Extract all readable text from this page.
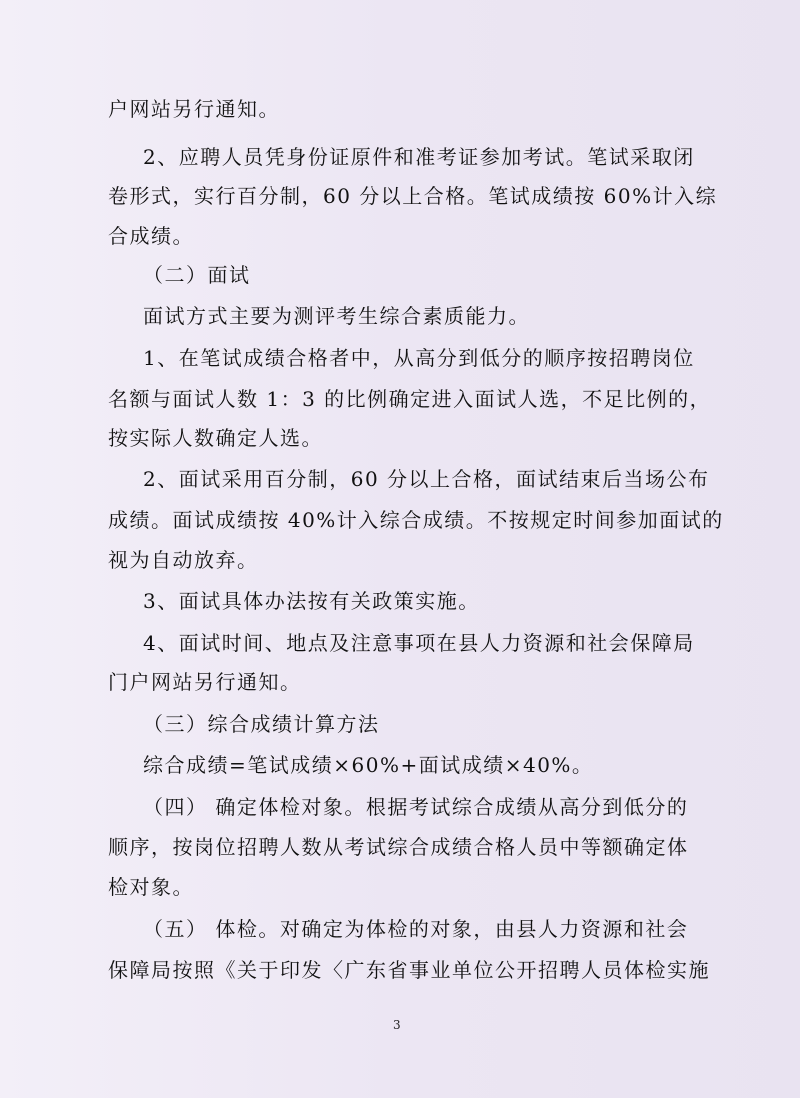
户网站另行通知。
2、应聘人员凭身份证原件和准考证参加考试。笔试采取闭
卷形式，实行百分制，60 分以上合格。笔试成绩按 60%计入综
合成绩。
（二）面试
面试方式主要为测评考生综合素质能力。
1、在笔试成绩合格者中，从高分到低分的顺序按招聘岗位
名额与面试人数 1：3 的比例确定进入面试人选，不足比例的，
按实际人数确定人选。
2、面试采用百分制，60 分以上合格，面试结束后当场公布
成绩。面试成绩按 40%计入综合成绩。不按规定时间参加面试的
视为自动放弃。
3、面试具体办法按有关政策实施。
4、面试时间、地点及注意事项在县人力资源和社会保障局
门户网站另行通知。
（三）综合成绩计算方法
综合成绩=笔试成绩×60%+面试成绩×40%。
（四） 确定体检对象。根据考试综合成绩从高分到低分的
顺序，按岗位招聘人数从考试综合成绩合格人员中等额确定体
检对象。
（五） 体检。对确定为体检的对象，由县人力资源和社会
保障局按照《关于印发〈广东省事业单位公开招聘人员体检实施
3
